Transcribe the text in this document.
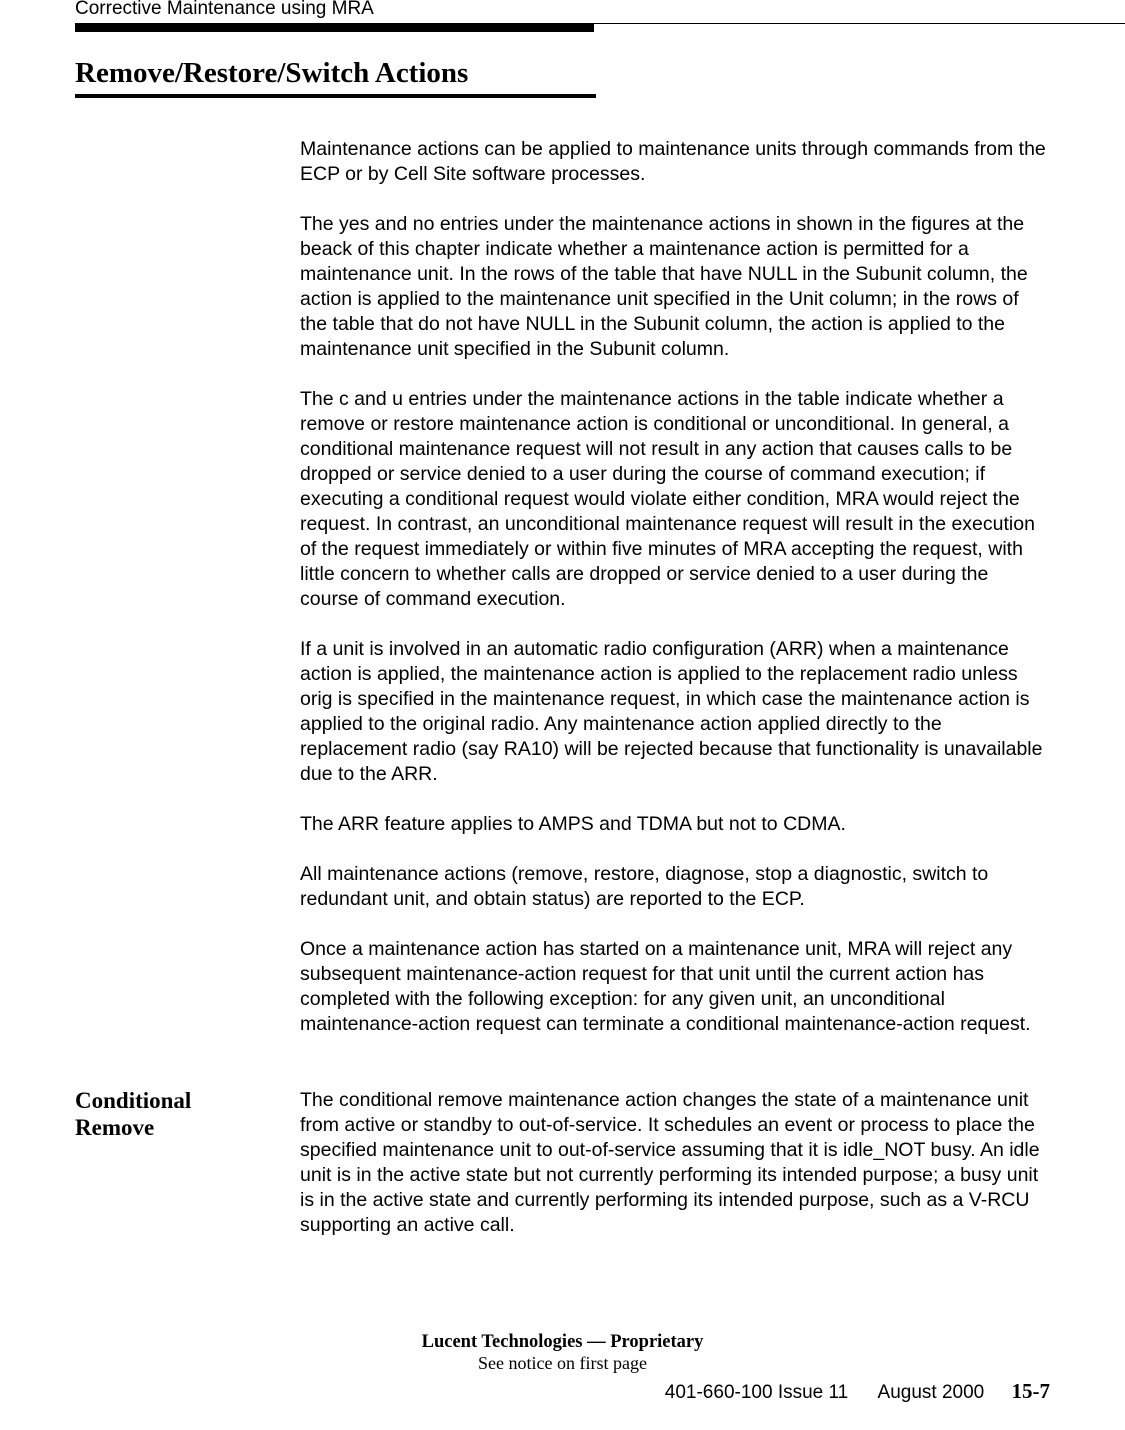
Corrective Maintenance using MRA
Remove/Restore/Switch Actions

Maintenance actions can be applied to maintenance units through commands from the ECP or by Cell Site software processes.

The yes and no entries under the maintenance actions in shown in the figures at the beack of this chapter indicate whether a maintenance action is permitted for a maintenance unit. In the rows of the table that have NULL in the Subunit column, the action is applied to the maintenance unit specified in the Unit column; in the rows of the table that do not have NULL in the Subunit column, the action is applied to the maintenance unit specified in the Subunit column.

The c and u entries under the maintenance actions in the table indicate whether a remove or restore maintenance action is conditional or unconditional. In general, a conditional maintenance request will not result in any action that causes calls to be dropped or service denied to a user during the course of command execution; if executing a conditional request would violate either condition, MRA would reject the request. In contrast, an unconditional maintenance request will result in the execution of the request immediately or within five minutes of MRA accepting the request, with little concern to whether calls are dropped or service denied to a user during the course of command execution.

If a unit is involved in an automatic radio configuration (ARR) when a maintenance action is applied, the maintenance action is applied to the replacement radio unless orig is specified in the maintenance request, in which case the maintenance action is applied to the original radio. Any maintenance action applied directly to the replacement radio (say RA10) will be rejected because that functionality is unavailable due to the ARR.

The ARR feature applies to AMPS and TDMA but not to CDMA.

All maintenance actions (remove, restore, diagnose, stop a diagnostic, switch to redundant unit, and obtain status) are reported to the ECP.

Once a maintenance action has started on a maintenance unit, MRA will reject any subsequent maintenance-action request for that unit until the current action has completed with the following exception: for any given unit, an unconditional maintenance-action request can terminate a conditional maintenance-action request.

Conditional Remove

The conditional remove maintenance action changes the state of a maintenance unit from active or standby to out-of-service. It schedules an event or process to place the specified maintenance unit to out-of-service assuming that it is idle_NOT busy. An idle unit is in the active state but not currently performing its intended purpose; a busy unit is in the active state and currently performing its intended purpose, such as a V-RCU supporting an active call.

Lucent Technologies — Proprietary
See notice on first page
401-660-100 Issue 11 August 2000 15-7
